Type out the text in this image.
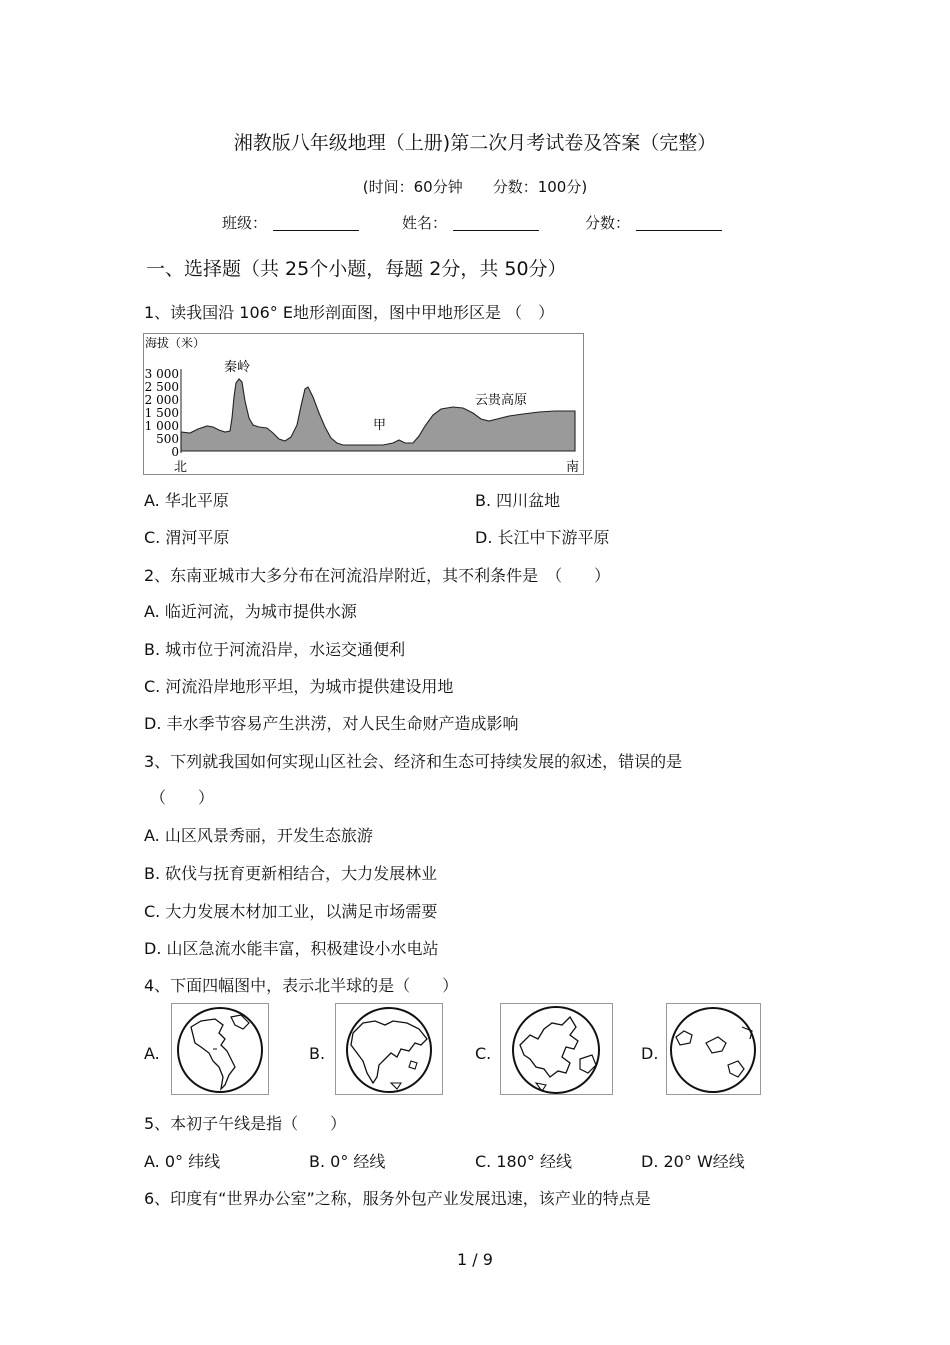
湘教版八年级地理（上册)第二次月考试卷及答案（完整）
(时间：60分钟　　分数：100分)
班级：	姓名：	分数：
一、选择题（共 25个小题，每题 2分，共 50分）
1、读我国沿 106° E地形剖面图，图中甲地形区是 （　）
海拔（米）
3 000
2 500
2 000
1 500
1 000
500
0
秦岭
甲
云贵高原
北	南
A. 华北平原	B. 四川盆地
C. 渭河平原	D. 长江中下游平原
2、东南亚城市大多分布在河流沿岸附近，其不利条件是　（　　）
A. 临近河流，为城市提供水源
B. 城市位于河流沿岸，水运交通便利
C. 河流沿岸地形平坦，为城市提供建设用地
D. 丰水季节容易产生洪涝，对人民生命财产造成影响
3、下列就我国如何实现山区社会、经济和生态可持续发展的叙述，错误的是
（　　）
A. 山区风景秀丽，开发生态旅游
B. 砍伐与抚育更新相结合，大力发展林业
C. 大力发展木材加工业，以满足市场需要
D. 山区急流水能丰富，积极建设小水电站
4、下面四幅图中，表示北半球的是（　　）
A.	B.	C.	D.
5、本初子午线是指（　　）
A. 0° 纬线	B. 0° 经线	C. 180° 经线	D. 20° W经线
6、印度有“世界办公室”之称，服务外包产业发展迅速，该产业的特点是
1 / 9
